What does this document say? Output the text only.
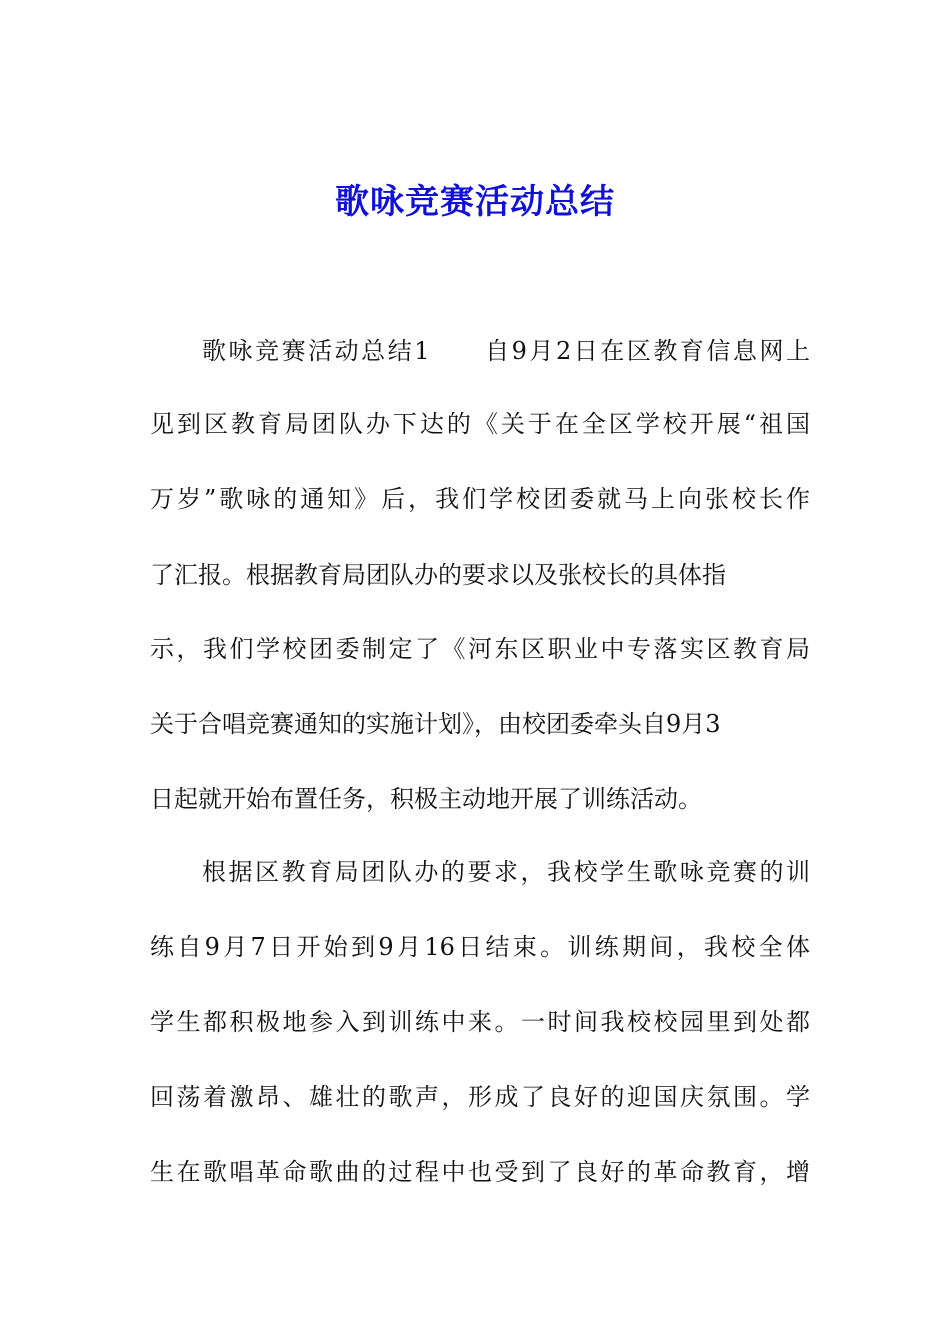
歌咏竞赛活动总结
歌咏竞赛活动总结1　　自9月2日在区教育信息网上
见到区教育局团队办下达的《关于在全区学校开展“祖国
万岁”歌咏的通知》后，我们学校团委就马上向张校长作
了汇报。根据教育局团队办的要求以及张校长的具体指
示，我们学校团委制定了《河东区职业中专落实区教育局
关于合唱竞赛通知的实施计划》，由校团委牵头自9月3
日起就开始布置任务，积极主动地开展了训练活动。
根据区教育局团队办的要求，我校学生歌咏竞赛的训
练自9月7日开始到9月16日结束。训练期间，我校全体
学生都积极地参入到训练中来。一时间我校校园里到处都
回荡着激昂、雄壮的歌声，形成了良好的迎国庆氛围。学
生在歌唱革命歌曲的过程中也受到了良好的革命教育，增
